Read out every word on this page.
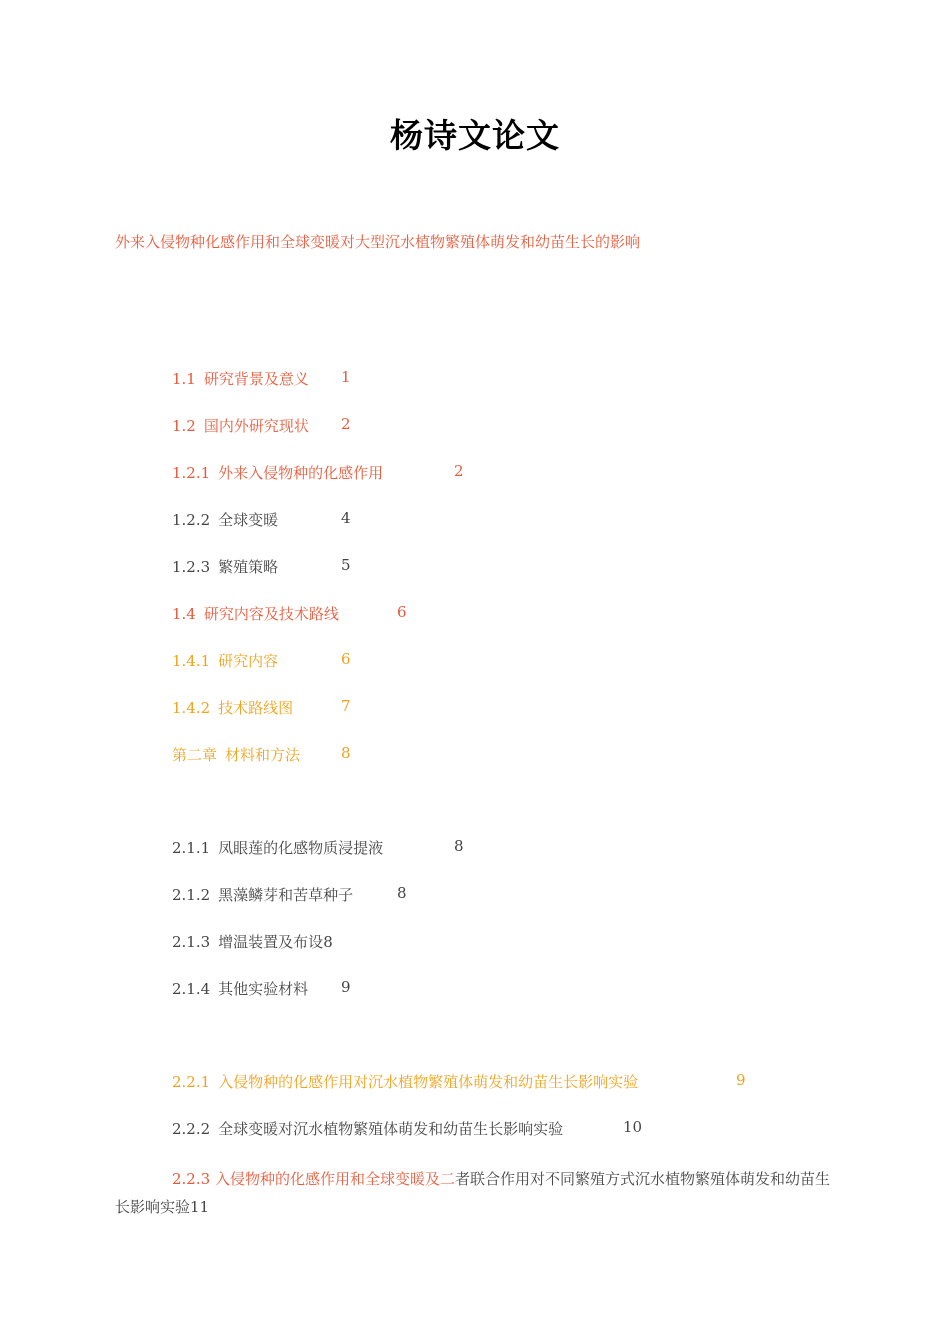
杨诗文论文
外来入侵物种化感作用和全球变暖对大型沉水植物繁殖体萌发和幼苗生长的影响
1.1 研究背景及意义 1
1.2 国内外研究现状 2
1.2.1 外来入侵物种的化感作用	2
1.2.2 全球变暖	4
1.2.3 繁殖策略	5
1.4 研究内容及技术路线	6
1.4.1 研究内容	6
1.4.2 技术路线图	7
第二章 材料和方法	8
2.1.1 凤眼莲的化感物质浸提液	8
2.1.2 黑藻鳞芽和苦草种子	8
2.1.3 增温装置及布设8
2.1.4 其他实验材料 9
2.2.1 入侵物种的化感作用对沉水植物繁殖体萌发和幼苗生长影响实验	9
2.2.2 全球变暖对沉水植物繁殖体萌发和幼苗生长影响实验	10
2.2.3 入侵物种的化感作用和全球变暖及二者联合作用对不同繁殖方式沉水植物繁殖体萌发和幼苗生长影响实验11
